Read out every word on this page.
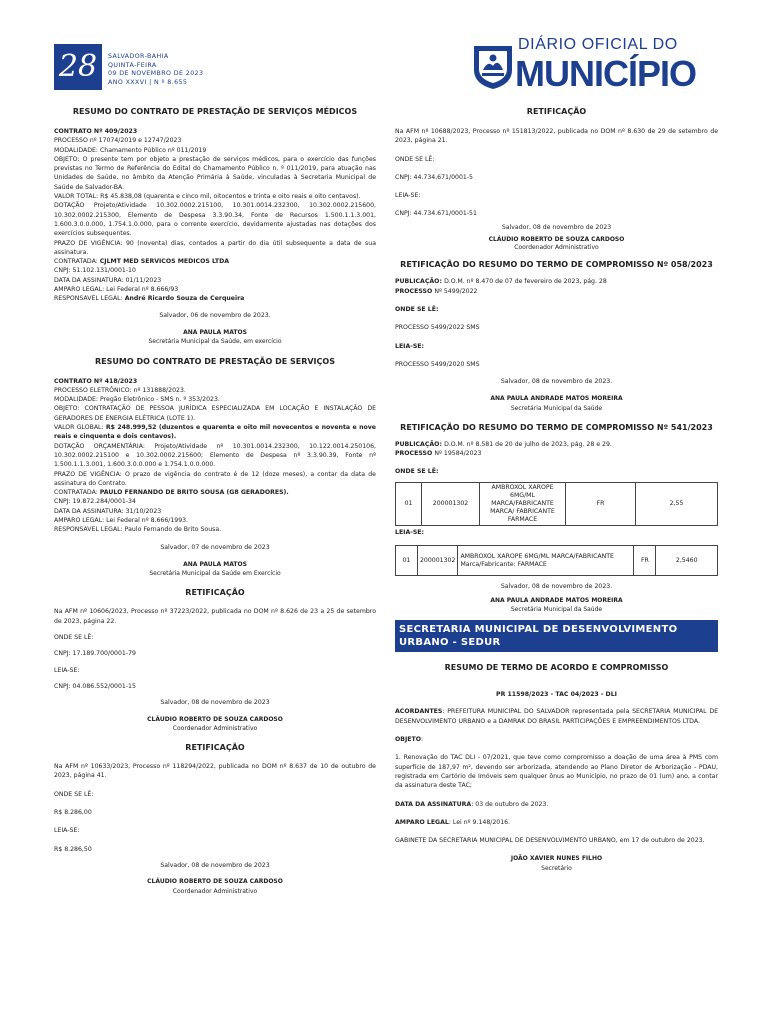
28	SALVADOR-BAHIA
QUINTA-FEIRA
09 DE NOVEMBRO DE 2023
ANO XXXVI | N º 8.655
DIÁRIO OFICIAL DO
MUNICÍPIO
RESUMO DO CONTRATO DE PRESTAÇÃO DE SERVIÇOS MÉDICOS
CONTRATO Nº 409/2023
PROCESSO nº 17074/2019 e 12747/2023
MODALIDADE: Chamamento Público nº 011/2019
OBJETO: O presente tem por objeto a prestação de serviços médicos, para o exercício das funções previstas no Termo de Referência do Edital do Chamamento Público n. º 011/2019, para atuação nas Unidades de Saúde, no âmbito da Atenção Primária à Saúde, vinculadas à Secretaria Municipal de Saúde de Salvador-BA.
VALOR TOTAL: R$ 45.838,08 (quarenta e cinco mil, oitocentos e trinta e oito reais e oito centavos).
DOTAÇÃO Projeto/Atividade 10.302.0002.215100, 10.301.0014.232300, 10.302.0002.215600, 10.302.0002.215300, Elemento de Despesa 3.3.90.34, Fonte de Recursos 1.500.1.1.3.001, 1.600.3.0.0.000, 1.754.1.0.000, para o corrente exercício, devidamente ajustadas nas dotações dos exercícios subsequentes.
PRAZO DE VIGÊNCIA: 90 (noventa) dias, contados a partir do dia útil subsequente a data de sua assinatura.
CONTRATADA: CJLMT MED SERVICOS MEDICOS LTDA
CNPJ: 51.102.131/0001-10
DATA DA ASSINATURA: 01/11/2023
AMPARO LEGAL: Lei Federal nº 8.666/93
RESPONSAVEL LEGAL: André Ricardo Souza de Cerqueira
Salvador, 06 de novembro de 2023.
ANA PAULA MATOS
Secretária Municipal da Saúde, em exercício
RESUMO DO CONTRATO DE PRESTAÇÃO DE SERVIÇOS
CONTRATO Nº 418/2023
PROCESSO ELETRÔNICO: nº 131888/2023.
MODALIDADE: Pregão Eletrônico - SMS n. º 353/2023.
OBJETO: CONTRATAÇÃO DE PESSOA JURÍDICA ESPECIALIZADA EM LOCAÇÃO E INSTALAÇÃO DE GERADORES DE ENERGIA ELÉTRICA (LOTE 1).
VALOR GLOBAL: R$ 248.999,52 (duzentos e quarenta e oito mil novecentos e noventa e nove reais e cinquenta e dois centavos).
DOTAÇÃO ORÇAMENTÁRIA: Projeto/Atividade nº 10.301.0014.232300, 10.122.0014.250106, 10.302.0002.215100 e 10.302.0002.215600; Elemento de Despesa nº 3.3.90.39, Fonte nº 1.500.1.1.3.001, 1.600.3.0.0.000 e 1.754.1.0.0.000.
PRAZO DE VIGÊNCIA: O prazo de vigência do contrato é de 12 (doze meses), a contar da data de assinatura do Contrato.
CONTRATADA: PAULO FERNANDO DE BRITO SOUSA (G8 GERADORES).
CNPJ: 19.872.284/0001-34
DATA DA ASSINATURA: 31/10/2023
AMPARO LEGAL: Lei Federal nº 8.666/1993.
RESPONSAVEL LEGAL: Paulo Fernando de Brito Sousa.
Salvador, 07 de novembro de 2023
ANA PAULA MATOS
Secretária Municipal da Saúde em Exercício
RETIFICAÇÃO
Na AFM nº 10606/2023, Processo nº 37223/2022, publicada no DOM nº 8.626 de 23 a 25 de setembro de 2023, página 22.
ONDE SE LÊ:
CNPJ: 17.189.700/0001-79
LEIA-SE:
CNPJ: 04.086.552/0001-15
Salvador, 08 de novembro de 2023
CLÁUDIO ROBERTO DE SOUZA CARDOSO
Coordenador Administrativo
RETIFICAÇÃO
Na AFM nº 10633/2023, Processo nº 118294/2022, publicada no DOM nº 8.637 de 10 de outubro de 2023, página 41.
ONDE SE LÊ:
R$ 8.286,00
LEIA-SE:
R$ 8.286,50
Salvador, 08 de novembro de 2023
CLÁUDIO ROBERTO DE SOUZA CARDOSO
Coordenador Administrativo
RETIFICAÇÃO
Na AFM nº 10688/2023, Processo nº 151813/2022, publicada no DOM nº 8.630 de 29 de setembro de 2023, página 21.
ONDE SE LÊ:
CNPJ: 44.734.671/0001-5
LEIA-SE:
CNPJ: 44.734.671/0001-51
Salvador, 08 de novembro de 2023
CLÁUDIO ROBERTO DE SOUZA CARDOSO
Coordenador Administrativo
RETIFICAÇÃO DO RESUMO DO TERMO DE COMPROMISSO Nº 058/2023
PUBLICAÇÃO: D.O.M. nº 8.470 de 07 de fevereiro de 2023, pág. 28
PROCESSO Nº 5499/2022
ONDE SE LÊ:
PROCESSO 5499/2022 SMS
LEIA-SE:
PROCESSO 5499/2020 SMS
Salvador, 08 de novembro de 2023.
ANA PAULA ANDRADE MATOS MOREIRA
Secretária Municipal da Saúde
RETIFICAÇÃO DO RESUMO DO TERMO DE COMPROMISSO Nº 541/2023
PUBLICAÇÃO: D.O.M. nº 8.581 de 20 de julho de 2023, pág. 28 e 29.
PROCESSO Nº 19584/2023
ONDE SE LÊ:
01	200001302	AMBROXOL XAROPE 6MG/ML MARCA/FABRICANTE MARCA/ FABRICANTE FARMACE	FR	2,55
LEIA-SE:
01	200001302	AMBROXOL XAROPE 6MG/ML MARCA/FABRICANTE Marca/Fabricante: FARMACE	FR	2,5460
Salvador, 08 de novembro de 2023.
ANA PAULA ANDRADE MATOS MOREIRA
Secretária Municipal da Saúde
SECRETARIA MUNICIPAL DE DESENVOLVIMENTO URBANO - SEDUR
RESUMO DE TERMO DE ACORDO E COMPROMISSO
PR 11598/2023 - TAC 04/2023 - DLI
ACORDANTES: PREFEITURA MUNICIPAL DO SALVADOR representada pela SECRETARIA MUNICIPAL DE DESENVOLVIMENTO URBANO e a DAMRAK DO BRASIL PARTICIPAÇÕES E EMPREENDIMENTOS LTDA.
OBJETO:
1. Renovação do TAC DLI - 07/2021, que teve como compromisso a doação de uma área à PMS com superfície de 187,97 m², devendo ser arborizada, atendendo ao Plano Diretor de Arborização - PDAU, registrada em Cartório de Imóveis sem qualquer ônus ao Município, no prazo de 01 (um) ano, a contar da assinatura deste TAC;
DATA DA ASSINATURA: 03 de outubro de 2023.
AMPARO LEGAL: Lei nº 9.148/2016.
GABINETE DA SECRETARIA MUNICIPAL DE DESENVOLVIMENTO URBANO, em 17 de outubro de 2023.
JOÃO XAVIER NUNES FILHO
Secretário
